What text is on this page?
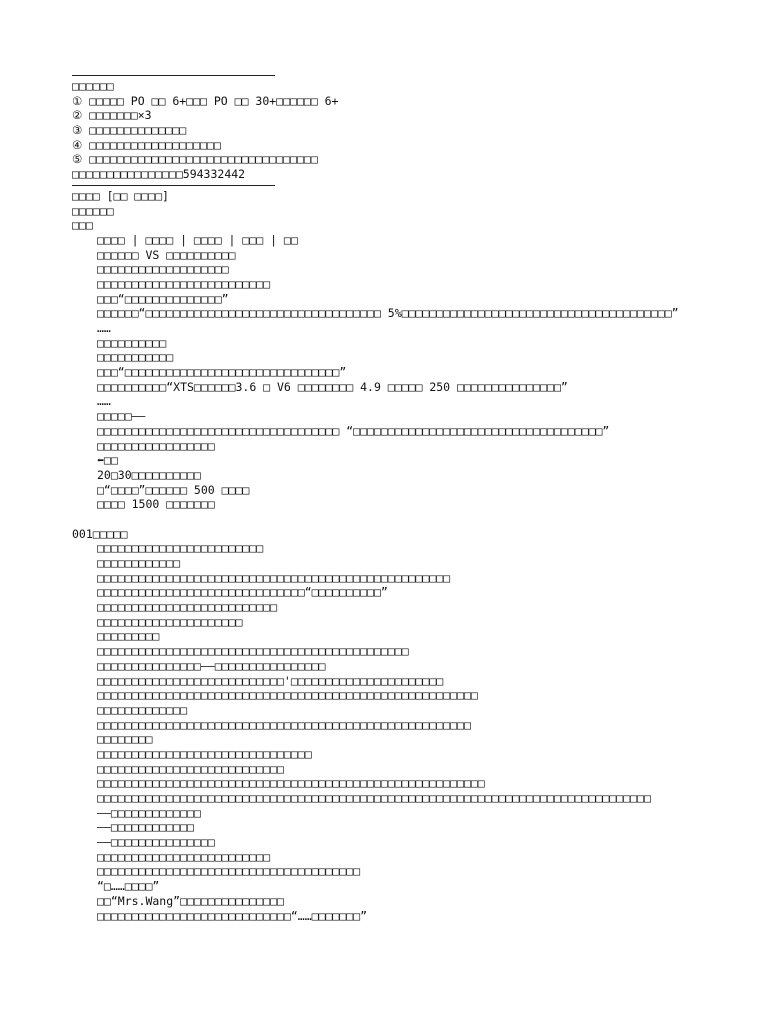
□□□□□□
① □□□□□ PO □□ 6+□□□ PO □□ 30+□□□□□□ 6+
② □□□□□□□×3
③ □□□□□□□□□□□□□□
④ □□□□□□□□□□□□□□□□□□□
⑤ □□□□□□□□□□□□□□□□□□□□□□□□□□□□□□□□□
□□□□□□□□□□□□□□□□594332442
□□□□ [□□ □□□□]
□□□□□□
□□□
□□□□ | □□□□ | □□□□ | □□□ | □□
□□□□□□ VS □□□□□□□□□□
□□□□□□□□□□□□□□□□□□□
□□□□□□□□□□□□□□□□□□□□□□□□□
□□□“□□□□□□□□□□□□□□”
□□□□□□“□□□□□□□□□□□□□□□□□□□□□□□□□□□□□□□□□□ 5%□□□□□□□□□□□□□□□□□□□□□□□□□□□□□□□□□□□□□□□”
……
□□□□□□□□□□
□□□□□□□□□□□
□□□“□□□□□□□□□□□□□□□□□□□□□□□□□□□□□□□”
□□□□□□□□□□“XTS□□□□□□3.6 □ V6 □□□□□□□□ 4.9 □□□□□ 250 □□□□□□□□□□□□□□□”
……
□□□□□——
□□□□□□□□□□□□□□□□□□□□□□□□□□□□□□□□□□□ “□□□□□□□□□□□□□□□□□□□□□□□□□□□□□□□□□□□□”
□□□□□□□□□□□□□□□□□
⬅□□
20□30□□□□□□□□□□
□“□□□□”□□□□□□ 500 □□□□
□□□□ 1500 □□□□□□□
001□□□□□
□□□□□□□□□□□□□□□□□□□□□□□□
□□□□□□□□□□□□
□□□□□□□□□□□□□□□□□□□□□□□□□□□□□□□□□□□□□□□□□□□□□□□□□□□
□□□□□□□□□□□□□□□□□□□□□□□□□□□□□□“□□□□□□□□□□”
□□□□□□□□□□□□□□□□□□□□□□□□□□
□□□□□□□□□□□□□□□□□□□□□
□□□□□□□□□
□□□□□□□□□□□□□□□□□□□□□□□□□□□□□□□□□□□□□□□□□□□□□
□□□□□□□□□□□□□□□——□□□□□□□□□□□□□□□□
□□□□□□□□□□□□□□□□□□□□□□□□□□□'□□□□□□□□□□□□□□□□□□□□□□
□□□□□□□□□□□□□□□□□□□□□□□□□□□□□□□□□□□□□□□□□□□□□□□□□□□□□□□
□□□□□□□□□□□□□
□□□□□□□□□□□□□□□□□□□□□□□□□□□□□□□□□□□□□□□□□□□□□□□□□□□□□□
□□□□□□□□
□□□□□□□□□□□□□□□□□□□□□□□□□□□□□□□
□□□□□□□□□□□□□□□□□□□□□□□□□□□
□□□□□□□□□□□□□□□□□□□□□□□□□□□□□□□□□□□□□□□□□□□□□□□□□□□□□□□□
□□□□□□□□□□□□□□□□□□□□□□□□□□□□□□□□□□□□□□□□□□□□□□□□□□□□□□□□□□□□□□□□□□□□□□□□□□□□□□□□
——□□□□□□□□□□□□□
——□□□□□□□□□□□□
——□□□□□□□□□□□□□□□
□□□□□□□□□□□□□□□□□□□□□□□□□
□□□□□□□□□□□□□□□□□□□□□□□□□□□□□□□□□□□□□□
“□……□□□□”
□□“Mrs.Wang”□□□□□□□□□□□□□□□
□□□□□□□□□□□□□□□□□□□□□□□□□□□□“……□□□□□□□”
